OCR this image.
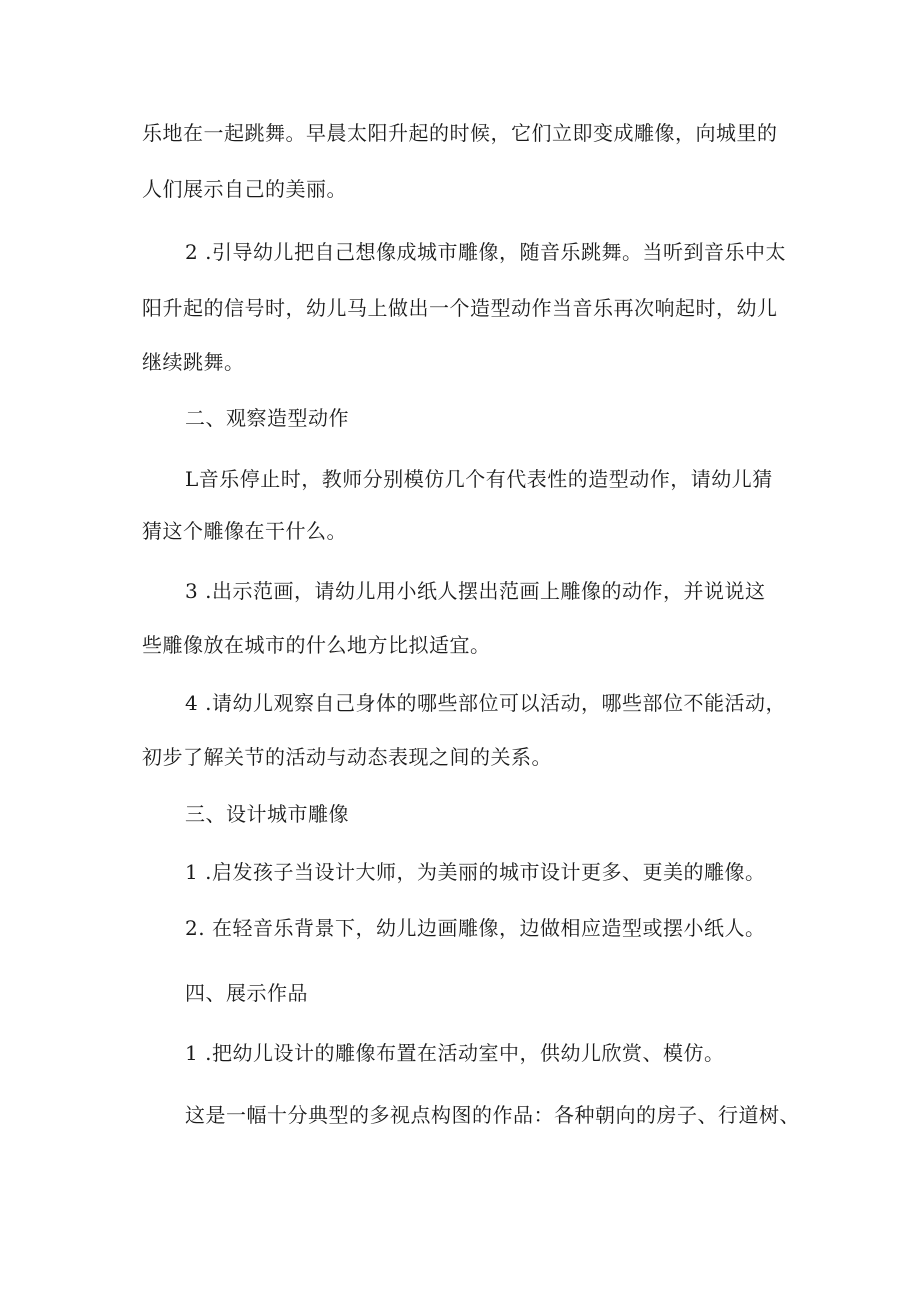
乐地在一起跳舞。早晨太阳升起的时候，它们立即变成雕像，向城里的
人们展示自己的美丽。
2 .引导幼儿把自己想像成城市雕像，随音乐跳舞。当听到音乐中太
阳升起的信号时，幼儿马上做出一个造型动作当音乐再次响起时，幼儿
继续跳舞。
二、观察造型动作
L音乐停止时，教师分别模仿几个有代表性的造型动作，请幼儿猜
猜这个雕像在干什么。
3 .出示范画，请幼儿用小纸人摆出范画上雕像的动作，并说说这
些雕像放在城市的什么地方比拟适宜。
4 .请幼儿观察自己身体的哪些部位可以活动，哪些部位不能活动，
初步了解关节的活动与动态表现之间的关系。
三、设计城市雕像
1 .启发孩子当设计大师，为美丽的城市设计更多、更美的雕像。
2. 在轻音乐背景下，幼儿边画雕像，边做相应造型或摆小纸人。
四、展示作品
1 .把幼儿设计的雕像布置在活动室中，供幼儿欣赏、模仿。
这是一幅十分典型的多视点构图的作品：各种朝向的房子、行道树、
